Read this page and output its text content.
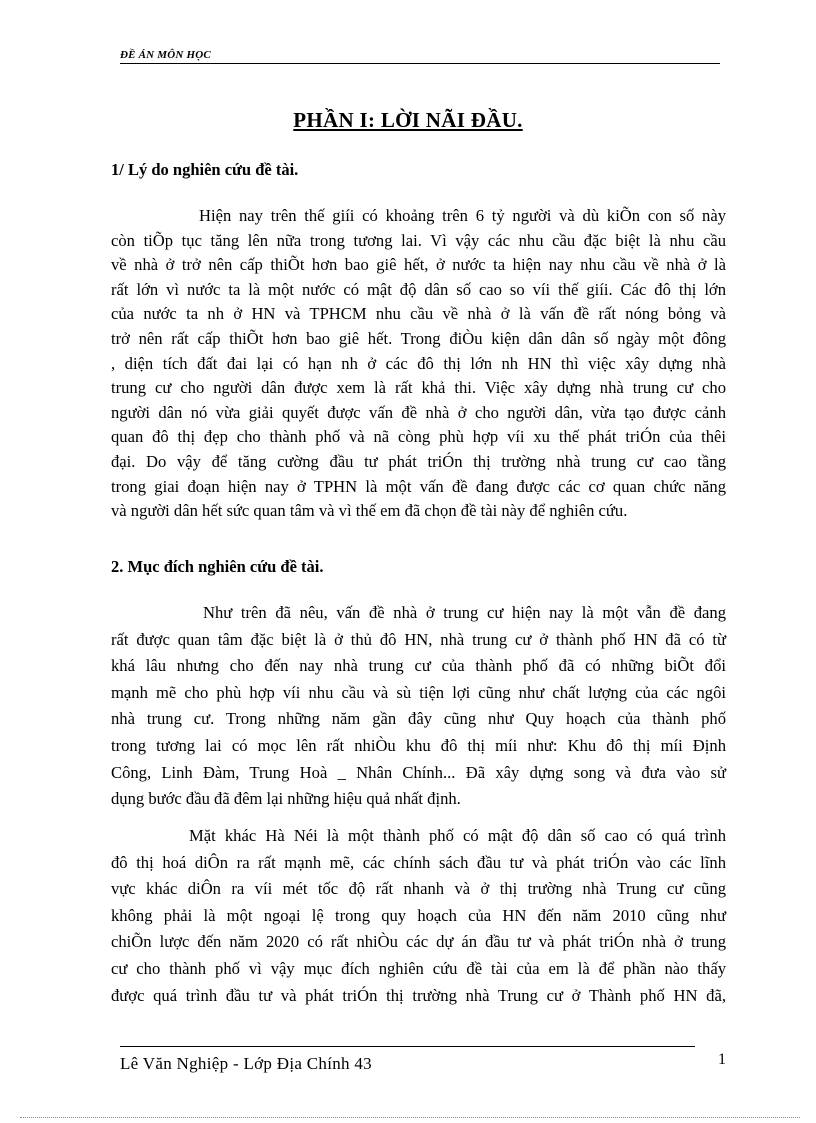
ĐỀ ÁN MÔN HỌC
PHẦN I: LỜI NÃI ĐẦU.
1/ Lý do nghiên cứu đề tài.
Hiện nay trên thế giíi có khoảng trên 6 tỷ người và dù kiÕn con số này
còn tiÕp tục tăng lên nữa trong tương lai. Vì vậy các nhu cầu đặc biệt là nhu cầu
về nhà ở trở nên cấp thiÕt hơn bao giê hết, ở nước ta hiện nay nhu cầu về nhà ở là
rất lớn vì nước ta là một nước có mật độ dân số cao so víi thế giíi. Các đô thị lớn
của nước ta nh ở HN và TPHCM nhu cầu về nhà ở là vấn đề rất nóng bỏng và
trở nên rất cấp thiÕt hơn bao giê hết. Trong điÒu kiện dân dân số ngày một đông
, diện tích đất đai lại có hạn nh ở các đô thị lớn nh HN thì việc xây dựng nhà
trung cư cho người dân được xem là rất khả thi. Việc xây dựng nhà trung cư cho
người dân nó vừa giải quyết được vấn đề nhà ở cho người dân, vừa tạo được cảnh
quan đô thị đẹp cho thành phố và nã còng phù hợp víi xu thế phát triÓn của thêi
đại. Do vậy để tăng cường đầu tư phát triÓn thị trường nhà trung cư cao tầng
trong giai đoạn hiện nay ở TPHN là một vấn đề đang được các cơ quan chức năng
và người dân hết sức quan tâm và vì thế em đã chọn đề tài này để nghiên cứu.
2. Mục đích nghiên cứu đề tài.
Như trên đã nêu, vấn đề nhà ở trung cư hiện nay là một vẫn đề đang
rất được quan tâm đặc biệt là ở thủ đô HN, nhà trung cư ở thành phố HN đã có từ
khá lâu nhưng cho đến nay nhà trung cư của thành phố đã có những biÕt đổi
mạnh mẽ cho phù hợp víi nhu cầu và sù tiện lợi cũng như chất lượng của các ngôi
nhà trung cư. Trong những năm gần đây cũng như Quy hoạch của thành phố
trong tương lai có mọc lên rất nhiÒu khu đô thị míi như: Khu đô thị míi Định
Công, Linh Đàm, Trung Hoà _ Nhân Chính... Đã xây dựng song và đưa vào sử
dụng bước đầu đã đêm lại những hiệu quả nhất định.
Mặt khác Hà Néi là một thành phố có mật độ dân số cao có quá trình
đô thị hoá diÔn ra rất mạnh mẽ, các chính sách đầu tư và phát triÓn vào các lĩnh
vực khác diÔn ra víi mét tốc độ rất nhanh và ở thị trường nhà Trung cư cũng
không phải là một ngoại lệ trong quy hoạch của HN đến năm 2010 cũng như
chiÕn lược đến năm 2020 có rất nhiÒu các dự án đầu tư và phát triÓn nhà ở trung
cư cho thành phố vì vậy mục đích nghiên cứu đề tài của em là để phần nào thấy
được quá trình đầu tư và phát triÓn thị trường nhà Trung cư ở Thành phố HN đã,
Lê Văn Nghiệp - Lớp Địa Chính 43	1
